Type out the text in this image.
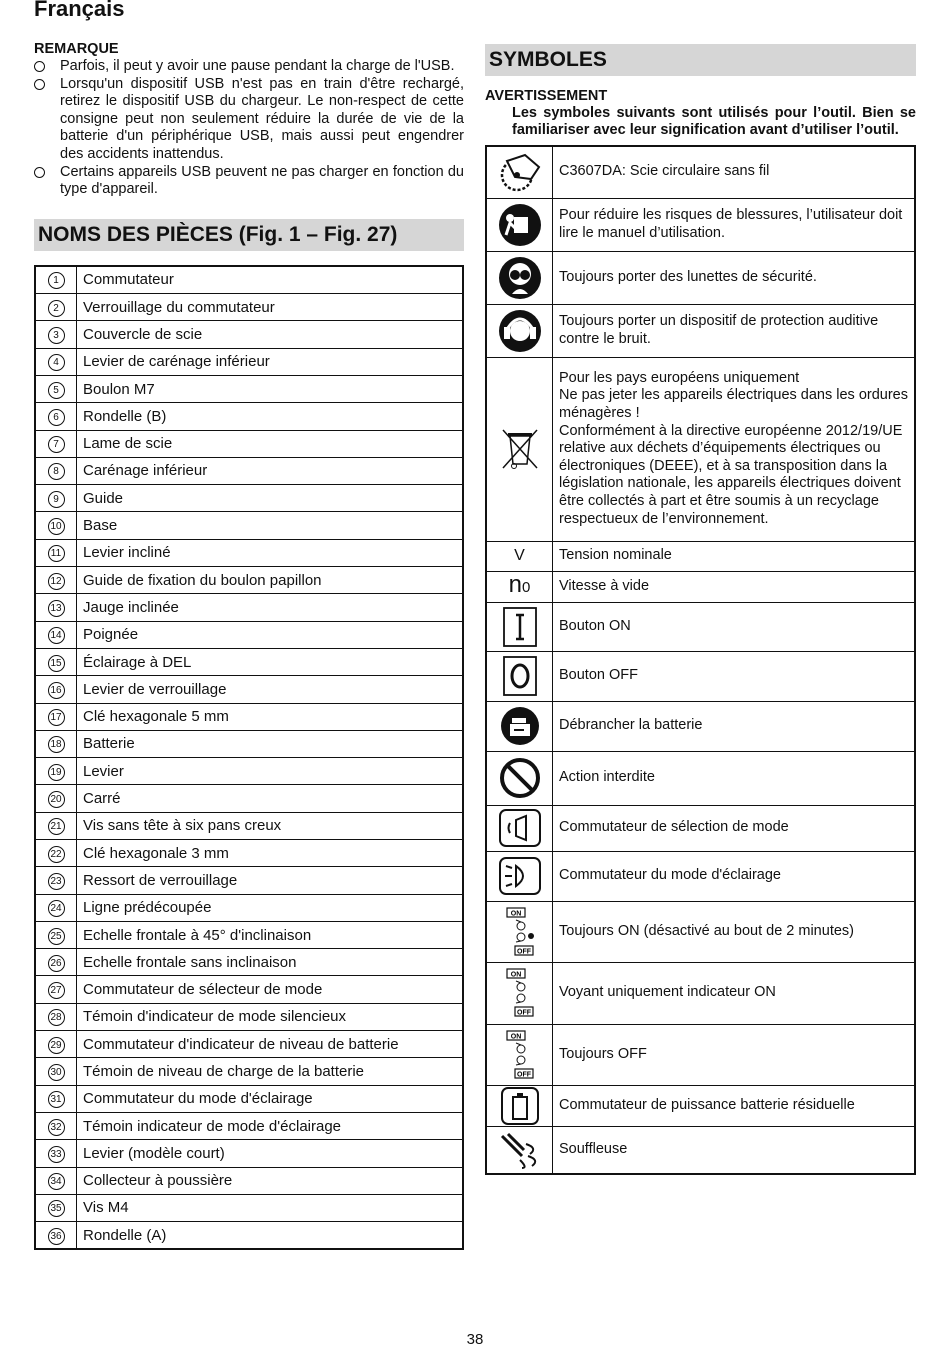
Français
REMARQUE
Parfois, il peut y avoir une pause pendant la charge de l'USB.
Lorsqu'un dispositif USB n'est pas en train d'être rechargé, retirez le dispositif USB du chargeur. Le non-respect de cette consigne peut non seulement réduire la durée de vie de la batterie d'un périphérique USB, mais aussi peut engendrer des accidents inattendus.
Certains appareils USB peuvent ne pas charger en fonction du type d'appareil.
NOMS DES PIÈCES (Fig. 1 – Fig. 27)
1	Commutateur
2	Verrouillage du commutateur
3	Couvercle de scie
4	Levier de carénage inférieur
5	Boulon M7
6	Rondelle (B)
7	Lame de scie
8	Carénage inférieur
9	Guide
10	Base
11	Levier incliné
12	Guide de fixation du boulon papillon
13	Jauge inclinée
14	Poignée
15	Éclairage à DEL
16	Levier de verrouillage
17	Clé hexagonale 5 mm
18	Batterie
19	Levier
20	Carré
21	Vis sans tête à six pans creux
22	Clé hexagonale 3 mm
23	Ressort de verrouillage
24	Ligne prédécoupée
25	Echelle frontale à 45° d'inclinaison
26	Echelle frontale sans inclinaison
27	Commutateur de sélecteur de mode
28	Témoin d'indicateur de mode silencieux
29	Commutateur d'indicateur de niveau de batterie
30	Témoin de niveau de charge de la batterie
31	Commutateur du mode d'éclairage
32	Témoin indicateur de mode d'éclairage
33	Levier (modèle court)
34	Collecteur à poussière
35	Vis M4
36	Rondelle (A)
SYMBOLES
AVERTISSEMENT
Les symboles suivants sont utilisés pour l’outil. Bien se familiariser avec leur signification avant d’utiliser l’outil.
	C3607DA: Scie circulaire sans fil
	Pour réduire les risques de blessures, l’utilisateur doit lire le manuel d’utilisation.
	Toujours porter des lunettes de sécurité.
	Toujours porter un dispositif de protection auditive contre le bruit.
	Pour les pays européens uniquement
Ne pas jeter les appareils électriques dans les ordures ménagères !
Conformément à la directive européenne 2012/19/UE relative aux déchets d’équipements électriques ou électroniques (DEEE), et à sa transposition dans la législation nationale, les appareils électriques doivent être collectés à part et être soumis à un recyclage respectueux de l’environnement.
V	Tension nominale
n0	Vitesse à vide
	Bouton ON
	Bouton OFF
	Débrancher la batterie
	Action interdite
	Commutateur de sélection de mode
	Commutateur du mode d'éclairage

ON
OFF	Toujours ON (désactivé au bout de 2 minutes)

ON
OFF	Voyant uniquement indicateur ON

ON
OFF	Toujours OFF
	Commutateur de puissance batterie résiduelle
	Souffleuse
38
